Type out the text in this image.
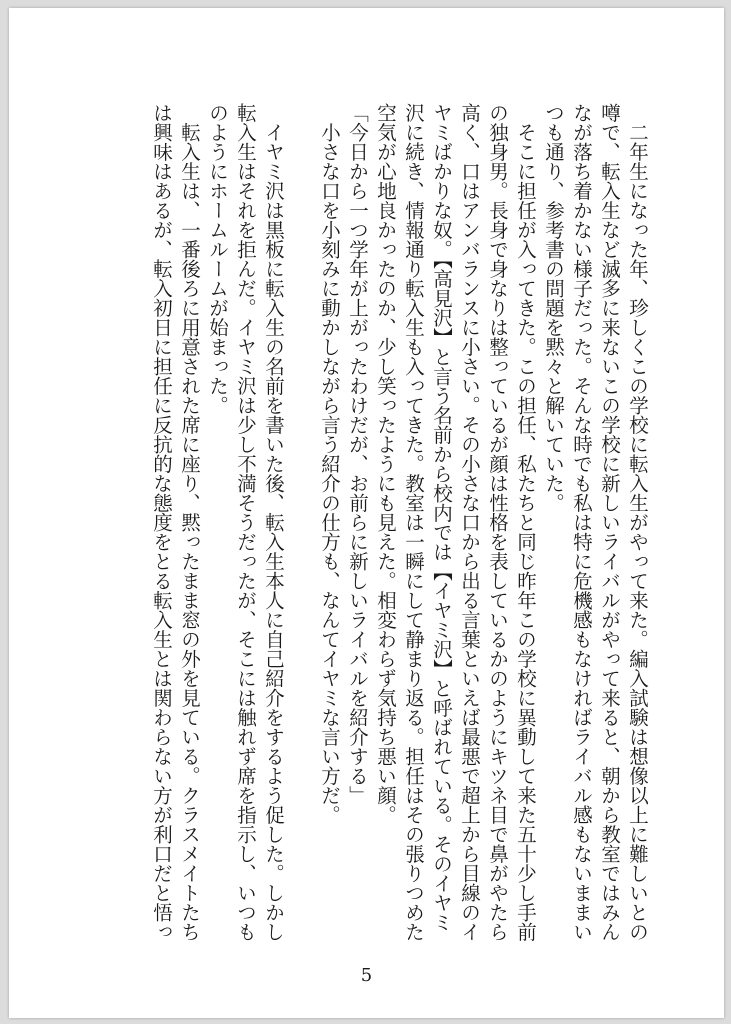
　二年生になった年、珍しくこの学校に転入生がやって来た。編入試験は想像以上に難しいとの噂で、転入生など滅多に来ないこの学校に新しいライバルがやって来ると、朝から教室ではみんなが落ち着かない様子だった。そんな時でも私は特に危機感もなければライバル感もないままいつも通り、参考書の問題を黙々と解いていた。

　そこに担任が入ってきた。この担任、私たちと同じ昨年この学校に異動して来た五十少し手前の独身男。長身で身なりは整っているが顔は性格を表しているかのようにキツネ目で鼻がやたら高く、口はアンバランスに小さい。その小さな口から出る言葉といえば最悪で超上から目線のイヤミばかりな奴。【高見沢】と言う名前から校内では【イヤミ沢】と呼ばれている。そのイヤミ沢に続き、情報通り転入生も入ってきた。教室は一瞬にして静まり返る。担任はその張りつめた空気が心地良かったのか、少し笑ったようにも見えた。相変わらず気持ち悪い顔。

「今日から一つ学年が上がったわけだが、お前らに新しいライバルを紹介する」

　小さな口を小刻みに動かしながら言う紹介の仕方も、なんてイヤミな言い方だ。

　イヤミ沢は黒板に転入生の名前を書いた後、転入生本人に自己紹介をするよう促した。しかし転入生はそれを拒んだ。イヤミ沢は少し不満そうだったが、そこには触れず席を指示し、いつものようにホームルームが始まった。

　転入生は、一番後ろに用意された席に座り、黙ったまま窓の外を見ている。クラスメイトたちは興味はあるが、転入初日に担任に反抗的な態度をとる転入生とは関わらない方が利口だと悟っ

5
